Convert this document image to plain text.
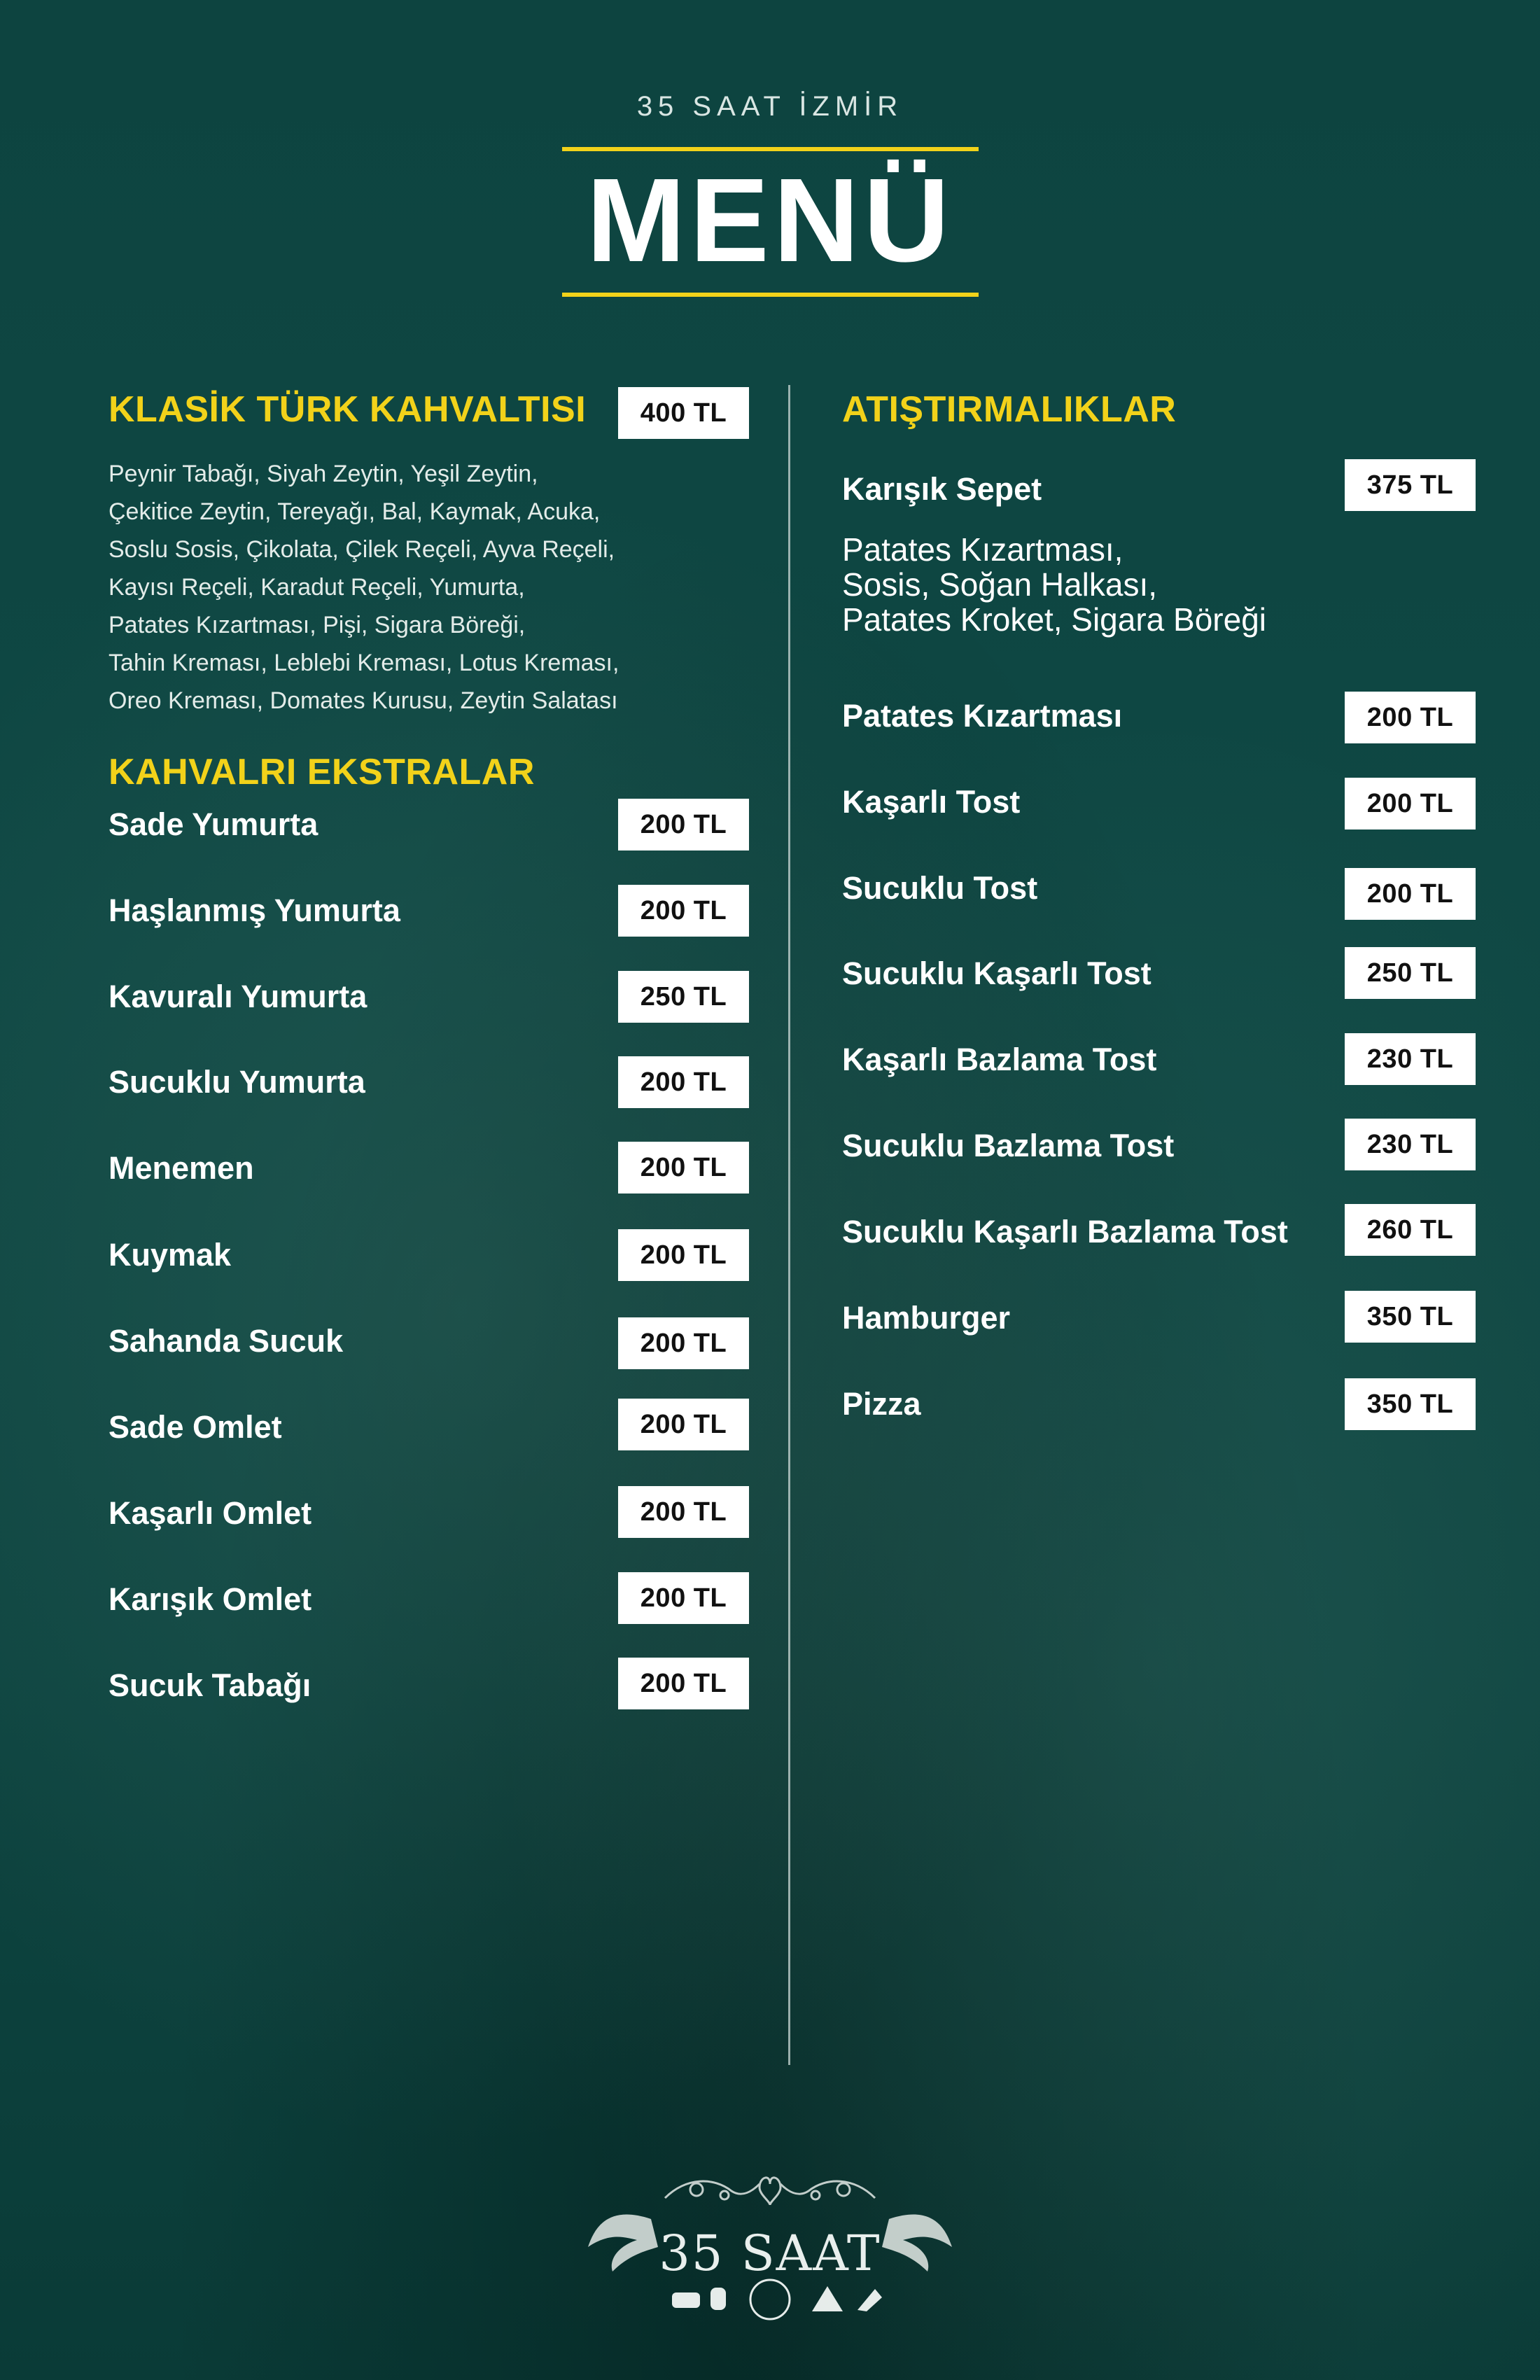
35 SAAT İZMİR
MENÜ
KLASİK TÜRK KAHVALTISI	400 TL
Peynir Tabağı, Siyah Zeytin, Yeşil Zeytin,
Çekitice Zeytin, Tereyağı, Bal, Kaymak, Acuka,
Soslu Sosis, Çikolata, Çilek Reçeli, Ayva Reçeli,
Kayısı Reçeli, Karadut Reçeli, Yumurta,
Patates Kızartması, Pişi, Sigara Böreği,
Tahin Kreması, Leblebi Kreması, Lotus Kreması,
Oreo Kreması, Domates Kurusu, Zeytin Salatası
KAHVALRI EKSTRALAR
Sade Yumurta	200 TL
Haşlanmış Yumurta	200 TL
Kavuralı Yumurta	250 TL
Sucuklu Yumurta	200 TL
Menemen	200 TL
Kuymak	200 TL
Sahanda Sucuk	200 TL
Sade Omlet	200 TL
Kaşarlı Omlet	200 TL
Karışık Omlet	200 TL
Sucuk Tabağı	200 TL
ATIŞTIRMALIKLAR
Karışık Sepet	375 TL
Patates Kızartması,
Sosis, Soğan Halkası,
Patates Kroket, Sigara Böreği
Patates Kızartması	200 TL
Kaşarlı Tost	200 TL
Sucuklu Tost	200 TL
Sucuklu Kaşarlı Tost	250 TL
Kaşarlı Bazlama Tost	230 TL
Sucuklu Bazlama Tost	230 TL
Sucuklu Kaşarlı Bazlama Tost	260 TL
Hamburger	350 TL
Pizza	350 TL
35 SAAT
